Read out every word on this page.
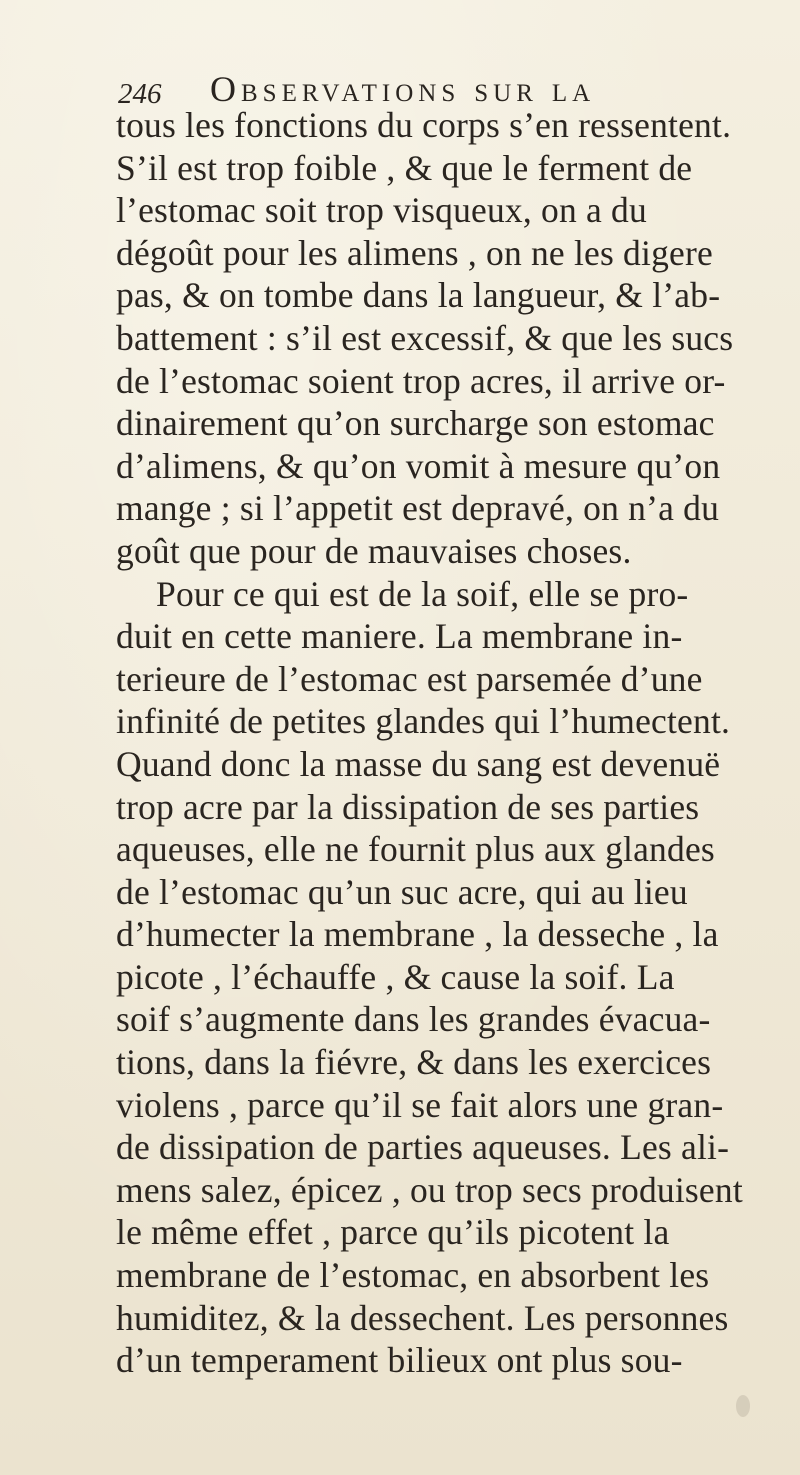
246 Observations sur la
tous les fonctions du corps s’en ressentent.
S’il est trop foible , & que le ferment de
l’estomac soit trop visqueux, on a du
dégoût pour les alimens , on ne les digere
pas, & on tombe dans la langueur, & l’ab-
battement : s’il est excessif, & que les sucs
de l’estomac soient trop acres, il arrive or-
dinairement qu’on surcharge son estomac
d’alimens, & qu’on vomit à mesure qu’on
mange ; si l’appetit est depravé, on n’a du
goût que pour de mauvaises choses.
Pour ce qui est de la soif, elle se pro-
duit en cette maniere. La membrane in-
terieure de l’estomac est parsemée d’une
infinité de petites glandes qui l’humectent.
Quand donc la masse du sang est devenuë
trop acre par la dissipation de ses parties
aqueuses, elle ne fournit plus aux glandes
de l’estomac qu’un suc acre, qui au lieu
d’humecter la membrane , la desseche , la
picote , l’échauffe , & cause la soif. La
soif s’augmente dans les grandes évacua-
tions, dans la fiévre, & dans les exercices
violens , parce qu’il se fait alors une gran-
de dissipation de parties aqueuses. Les ali-
mens salez, épicez , ou trop secs produisent
le même effet , parce qu’ils picotent la
membrane de l’estomac, en absorbent les
humiditez, & la dessechent. Les personnes
d’un temperament bilieux ont plus sou-
